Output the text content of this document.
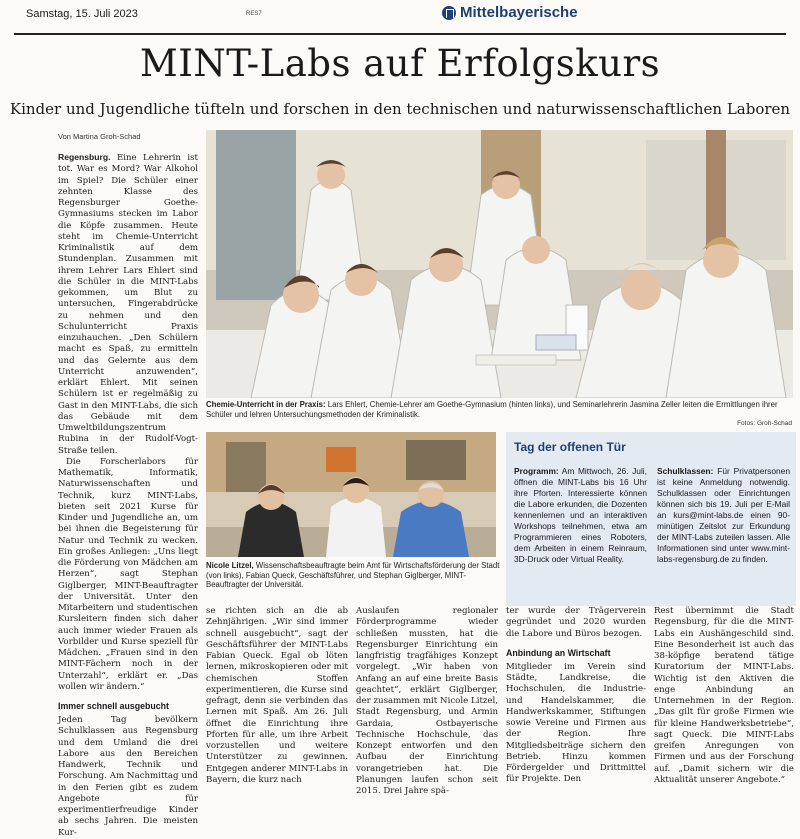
Samstag, 15. Juli 2023	RES7	Mittelbayerische
MINT-Labs auf Erfolgskurs
Kinder und Jugendliche tüfteln und forschen in den technischen und naturwissenschaftlichen Laboren
Von Martina Groh-Schad
Chemie-Unterricht in der Praxis: Lars Ehlert, Chemie-Lehrer am Goethe-Gymnasium (hinten links), und Seminarlehrerin Jasmina Zeller leiten die Ermittlungen ihrer Schüler und lehren Untersuchungsmethoden der Kriminalistik.
Fotos: Groh-Schad
Nicole Litzel, Wissenschaftsbeauftragte beim Amt für Wirtschaftsförderung der Stadt (von links), Fabian Queck, Geschäftsführer, und Stephan Giglberger, MINT-Beauftragter der Universität.
Tag der offenen Tür
Programm: Am Mittwoch, 26. Juli, öffnen die MINT-Labs bis 16 Uhr ihre Pforten. Interessierte können die Labore erkunden, die Dozenten kennenlernen und an interaktiven Workshops teilnehmen, etwa am Programmieren eines Roboters, dem Arbeiten in einem Reinraum, 3D-Druck oder Virtual Reality.
Schulklassen: Für Privatpersonen ist keine Anmeldung notwendig. Schulklassen oder Einrichtungen können sich bis 19. Juli per E-Mail an kurs@mint-labs.de einen 90-minütigen Zeitslot zur Erkundung der MINT-Labs zuteilen lassen. Alle Informationen sind unter www.mint-labs-regensburg.de zu finden.

Regensburg. Eine Lehrerin ist tot. War es Mord? War Alkohol im Spiel? Die Schüler einer zehnten Klasse des Regensburger Goethe-Gymnasiums stecken im Labor die Köpfe zusammen. Heute steht im Chemie-Unterricht Kriminalistik auf dem Stundenplan. Zusammen mit ihrem Lehrer Lars Ehlert sind die Schüler in die MINT-Labs gekommen, um Blut zu untersuchen, Fingerabdrücke zu nehmen und den Schulunterricht Praxis einzuhauchen. „Den Schülern macht es Spaß, zu ermitteln und das Gelernte aus dem Unterricht anzuwenden“, erklärt Ehlert. Mit seinen Schülern ist er regelmäßig zu Gast in den MINT-Labs, die sich das Gebäude mit dem Umweltbildungszentrum Rubina in der Rudolf-Vogt-Straße teilen.

Die Forscherlabors für Mathematik, Informatik, Naturwissenschaften und Technik, kurz MINT-Labs, bieten seit 2021 Kurse für Kinder und Jugendliche an, um bei ihnen die Begeisterung für Natur und Technik zu wecken. Ein großes Anliegen: „Uns liegt die Förderung von Mädchen am Herzen“, sagt Stephan Giglberger, MINT-Beauftragter der Universität. Unter den Mitarbeitern und studentischen Kursleitern finden sich daher auch immer wieder Frauen als Vorbilder und Kurse speziell für Mädchen. „Frauen sind in den MINT-Fächern noch in der Unterzahl“, erklärt er. „Das wollen wir ändern.“

Immer schnell ausgebucht

Jeden Tag bevölkern Schulklassen aus Regensburg und dem Umland die drei Labore aus den Bereichen Handwerk, Technik und Forschung. Am Nachmittag und in den Ferien gibt es zudem Angebote für experimentierfreudige Kinder ab sechs Jahren. Die meisten Kur-

se richten sich an die ab Zehnjährigen. „Wir sind immer schnell ausgebucht“, sagt der Geschäftsführer der MINT-Labs Fabian Queck. Egal ob löten lernen, mikroskopieren oder mit chemischen Stoffen experimentieren, die Kurse sind gefragt, denn sie verbinden das Lernen mit Spaß. Am 26. Juli öffnet die Einrichtung ihre Pforten für alle, um ihre Arbeit vorzustellen und weitere Unterstützer zu gewinnen. Entgegen anderer MINT-Labs in Bayern, die kurz nach

Auslaufen regionaler Förderprogramme wieder schließen mussten, hat die Regensburger Einrichtung ein langfristig tragfähiges Konzept vorgelegt. „Wir haben von Anfang an auf eine breite Basis geachtet“, erklärt Giglberger, der zusammen mit Nicole Litzel, Stadt Regensburg, und Armin Gardaia, Ostbayerische Technische Hochschule, das Konzept entworfen und den Aufbau der Einrichtung vorangetrieben hat. Die Planungen laufen schon seit 2015. Drei Jahre spä-

ter wurde der Trägerverein gegründet und 2020 wurden die Labore und Büros bezogen.

Anbindung an Wirtschaft

Mitglieder im Verein sind Städte, Landkreise, die Hochschulen, die Industrie- und Handelskammer, die Handwerkskammer, Stiftungen sowie Vereine und Firmen aus der Region. Ihre Mitgliedsbeiträge sichern den Betrieb. Hinzu kommen Fördergelder und Drittmittel für Projekte. Den

Rest übernimmt die Stadt Regensburg, für die die MINT-Labs ein Aushängeschild sind. Eine Besonderheit ist auch das 38-köpfige beratend tätige Kuratorium der MINT-Labs. Wichtig ist den Aktiven die enge Anbindung an Unternehmen in der Region. „Das gilt für große Firmen wie für kleine Handwerksbetriebe“, sagt Queck. Die MINT-Labs greifen Anregungen von Firmen und aus der Forschung auf. „Damit sichern wir die Aktualität unserer Angebote.“
